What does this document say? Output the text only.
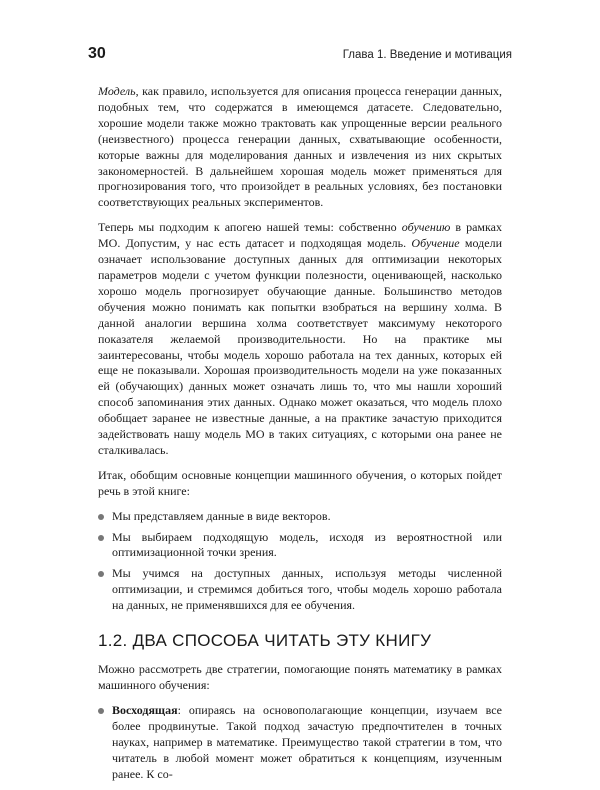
30	Глава 1. Введение и мотивация

Модель, как правило, используется для описания процесса генерации данных, подобных тем, что содержатся в имеющемся датасете. Следовательно, хорошие модели также можно трактовать как упрощенные версии реального (неизвестного) процесса генерации данных, схватывающие особенности, которые важны для моделирования данных и извлечения из них скрытых закономерностей. В дальнейшем хорошая модель может применяться для прогнозирования того, что произойдет в реальных условиях, без постановки соответствующих реальных экспериментов.

Теперь мы подходим к апогею нашей темы: собственно обучению в рамках МО. Допустим, у нас есть датасет и подходящая модель. Обучение модели означает использование доступных данных для оптимизации некоторых параметров модели с учетом функции полезности, оценивающей, насколько хорошо модель прогнозирует обучающие данные. Большинство методов обучения можно понимать как попытки взобраться на вершину холма. В данной аналогии вершина холма соответствует максимуму некоторого показателя желаемой производительности. Но на практике мы заинтересованы, чтобы модель хорошо работала на тех данных, которых ей еще не показывали. Хорошая производительность модели на уже показанных ей (обучающих) данных может означать лишь то, что мы нашли хороший способ запоминания этих данных. Однако может оказаться, что модель плохо обобщает заранее не известные данные, а на практике зачастую приходится задействовать нашу модель МО в таких ситуациях, с которыми она ранее не сталкивалась.

Итак, обобщим основные концепции машинного обучения, о которых пойдет речь в этой книге:

Мы представляем данные в виде векторов.
Мы выбираем подходящую модель, исходя из вероятностной или оптимизационной точки зрения.
Мы учимся на доступных данных, используя методы численной оптимизации, и стремимся добиться того, чтобы модель хорошо работала на данных, не применявшихся для ее обучения.
1.2. ДВА СПОСОБА ЧИТАТЬ ЭТУ КНИГУ

Можно рассмотреть две стратегии, помогающие понять математику в рамках машинного обучения:

Восходящая: опираясь на основополагающие концепции, изучаем все более продвинутые. Такой подход зачастую предпочтителен в точных науках, например в математике. Преимущество такой стратегии в том, что читатель в любой момент может обратиться к концепциям, изученным ранее. К со-
